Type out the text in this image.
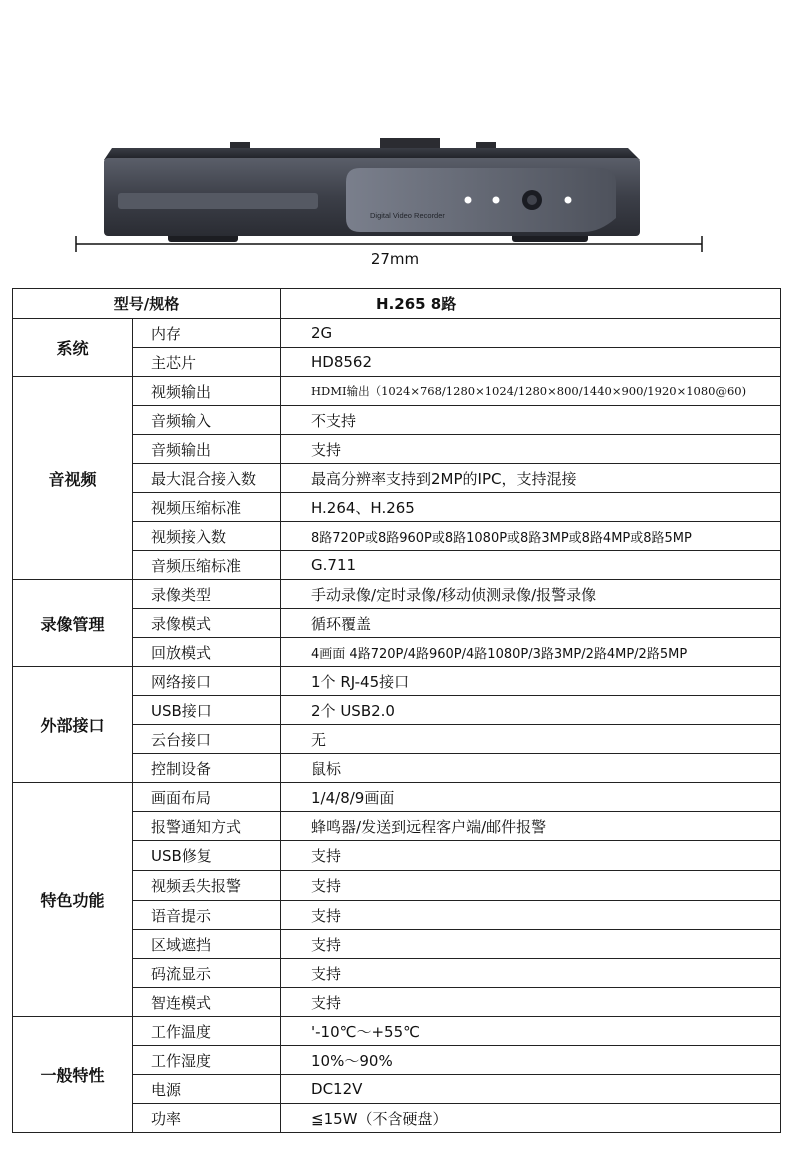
Digital Video Recorder
27mm
型号/规格		H.265 8路
系统	内存	2G
	主芯片	HD8562
音视频	视频输出	HDMI输出（1024×768/1280×1024/1280×800/1440×900/1920×1080@60)
	音频输入	不支持
	音频输出	支持
	最大混合接入数	最高分辨率支持到2MP的IPC，支持混接
	视频压缩标准	H.264、H.265
	视频接入数	8路720P或8路960P或8路1080P或8路3MP或8路4MP或8路5MP
	音频压缩标准	G.711
录像管理	录像类型	手动录像/定时录像/移动侦测录像/报警录像
	录像模式	循环覆盖
	回放模式	4画面 4路720P/4路960P/4路1080P/3路3MP/2路4MP/2路5MP
外部接口	网络接口	1个 RJ-45接口
	USB接口	2个 USB2.0
	云台接口	无
	控制设备	鼠标
特色功能	画面布局	1/4/8/9画面
	报警通知方式	蜂鸣器/发送到远程客户端/邮件报警
	USB修复	支持
	视频丢失报警	支持
	语音提示	支持
	区域遮挡	支持
	码流显示	支持
	智连模式	支持
一般特性	工作温度	'-10℃～+55℃
	工作湿度	10%～90%
	电源	DC12V
	功率	≦15W（不含硬盘）
